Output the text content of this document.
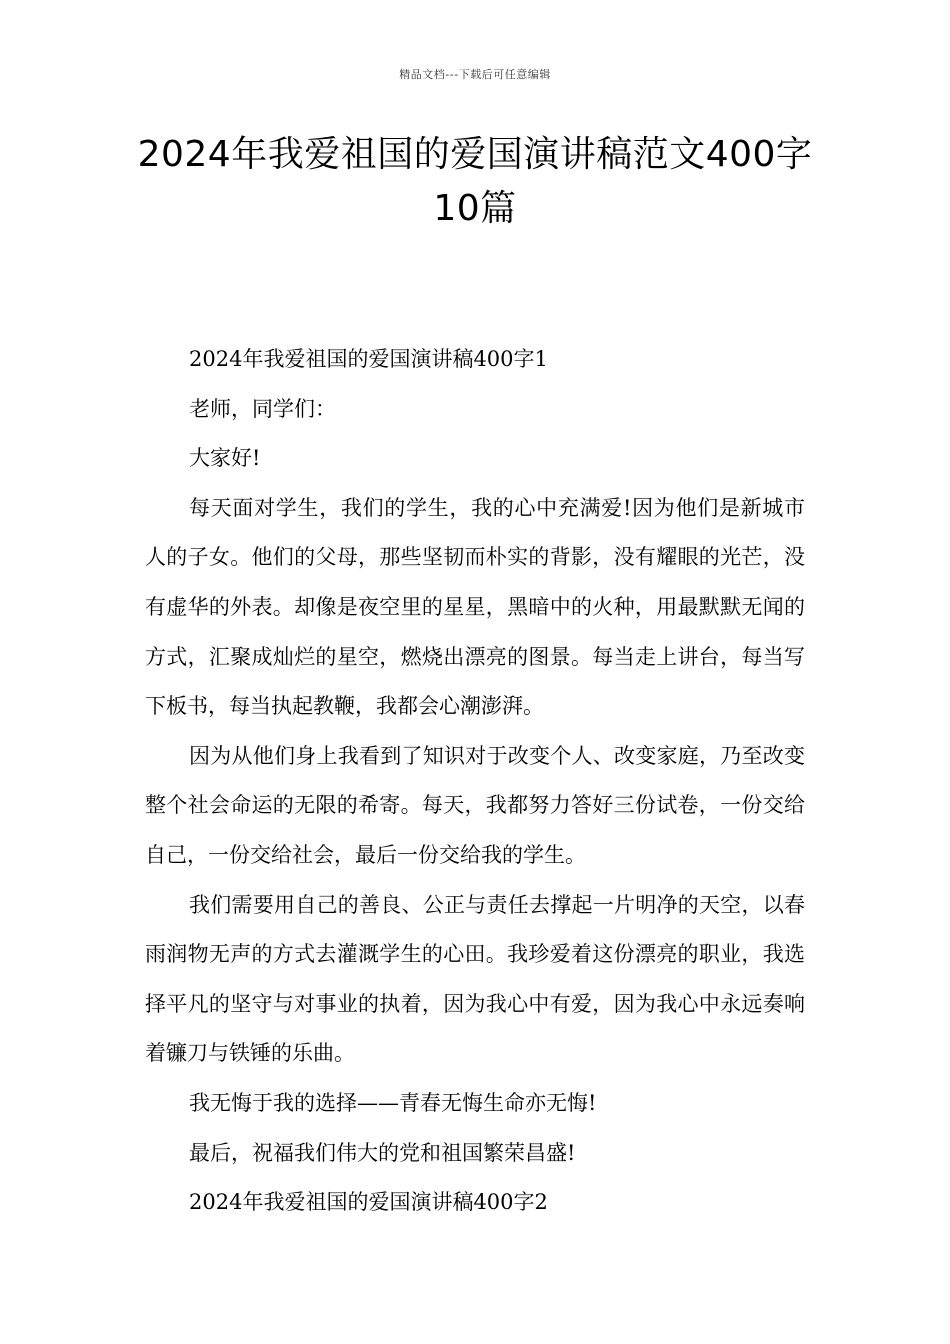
精品文档---下载后可任意编辑
2024年我爱祖国的爱国演讲稿范文400字10篇

2024年我爱祖国的爱国演讲稿400字1

老师，同学们：

大家好!

每天面对学生，我们的学生，我的心中充满爱!因为他们是新城市人的子女。他们的父母，那些坚韧而朴实的背影，没有耀眼的光芒，没有虚华的外表。却像是夜空里的星星，黑暗中的火种，用最默默无闻的方式，汇聚成灿烂的星空，燃烧出漂亮的图景。每当走上讲台，每当写下板书，每当执起教鞭，我都会心潮澎湃。

因为从他们身上我看到了知识对于改变个人、改变家庭，乃至改变整个社会命运的无限的希寄。每天，我都努力答好三份试卷，一份交给自己，一份交给社会，最后一份交给我的学生。

我们需要用自己的善良、公正与责任去撑起一片明净的天空，以春雨润物无声的方式去灌溉学生的心田。我珍爱着这份漂亮的职业，我选择平凡的坚守与对事业的执着，因为我心中有爱，因为我心中永远奏响着镰刀与铁锤的乐曲。

我无悔于我的选择——青春无悔生命亦无悔!

最后，祝福我们伟大的党和祖国繁荣昌盛!

2024年我爱祖国的爱国演讲稿400字2
